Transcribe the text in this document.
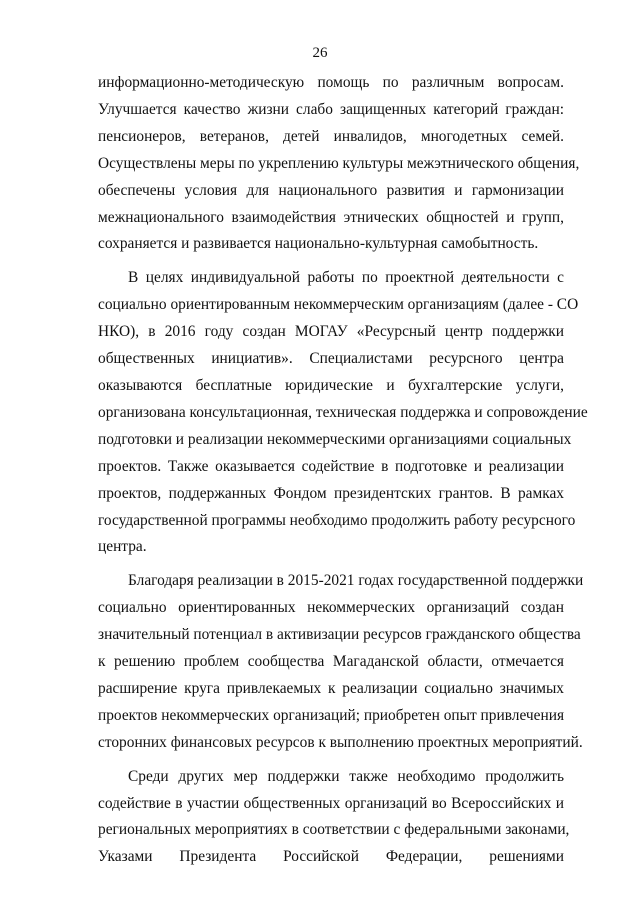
26
информационно-методическую помощь по различным вопросам.
Улучшается качество жизни слабо защищенных категорий граждан:
пенсионеров, ветеранов, детей инвалидов, многодетных семей.
Осуществлены меры по укреплению культуры межэтнического общения,
обеспечены условия для национального развития и гармонизации
межнационального взаимодействия этнических общностей и групп,
сохраняется и развивается национально-культурная самобытность.
В целях индивидуальной работы по проектной деятельности с
социально ориентированным некоммерческим организациям (далее - СО
НКО), в 2016 году создан МОГАУ «Ресурсный центр поддержки
общественных инициатив». Специалистами ресурсного центра
оказываются бесплатные юридические и бухгалтерские услуги,
организована консультационная, техническая поддержка и сопровождение
подготовки и реализации некоммерческими организациями социальных
проектов. Также оказывается содействие в подготовке и реализации
проектов, поддержанных Фондом президентских грантов. В рамках
государственной программы необходимо продолжить работу ресурсного
центра.
Благодаря реализации в 2015-2021 годах государственной поддержки
социально ориентированных некоммерческих организаций создан
значительный потенциал в активизации ресурсов гражданского общества
к решению проблем сообщества Магаданской области, отмечается
расширение круга привлекаемых к реализации социально значимых
проектов некоммерческих организаций; приобретен опыт привлечения
сторонних финансовых ресурсов к выполнению проектных мероприятий.
Среди других мер поддержки также необходимо продолжить
содействие в участии общественных организаций во Всероссийских и
региональных мероприятиях в соответствии с федеральными законами,
Указами Президента Российской Федерации, решениями
